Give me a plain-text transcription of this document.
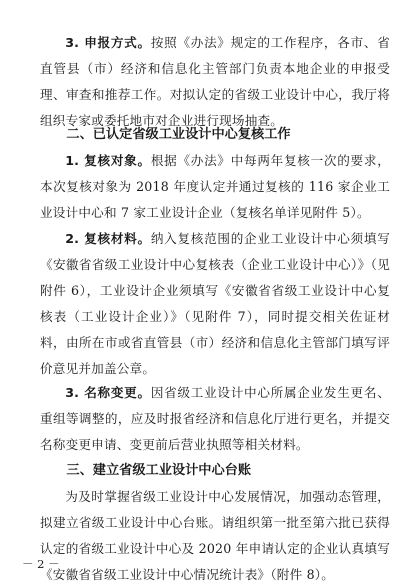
3. 申报方式。按照《办法》规定的工作程序，各市、省直管县（市）经济和信息化主管部门负责本地企业的申报受理、审查和推荐工作。对拟认定的省级工业设计中心，我厅将组织专家或委托地市对企业进行现场抽查。

二、已认定省级工业设计中心复核工作

1. 复核对象。根据《办法》中每两年复核一次的要求，本次复核对象为 2018 年度认定并通过复核的 116 家企业工业设计中心和 7 家工业设计企业（复核名单详见附件 5）。

2. 复核材料。纳入复核范围的企业工业设计中心须填写《安徽省省级工业设计中心复核表（企业工业设计中心）》（见附件 6），工业设计企业须填写《安徽省省级工业设计中心复核表（工业设计企业）》（见附件 7），同时提交相关佐证材料，由所在市或省直管县（市）经济和信息化主管部门填写评价意见并加盖公章。

3. 名称变更。因省级工业设计中心所属企业发生更名、重组等调整的，应及时报省经济和信息化厅进行更名，并提交名称变更申请、变更前后营业执照等相关材料。

三、建立省级工业设计中心台账

为及时掌握省级工业设计中心发展情况，加强动态管理，拟建立省级工业设计中心台账。请组织第一批至第六批已获得认定的省级工业设计中心及 2020 年申请认定的企业认真填写《安徽省省级工业设计中心情况统计表》（附件 8）。

－ 2 －
